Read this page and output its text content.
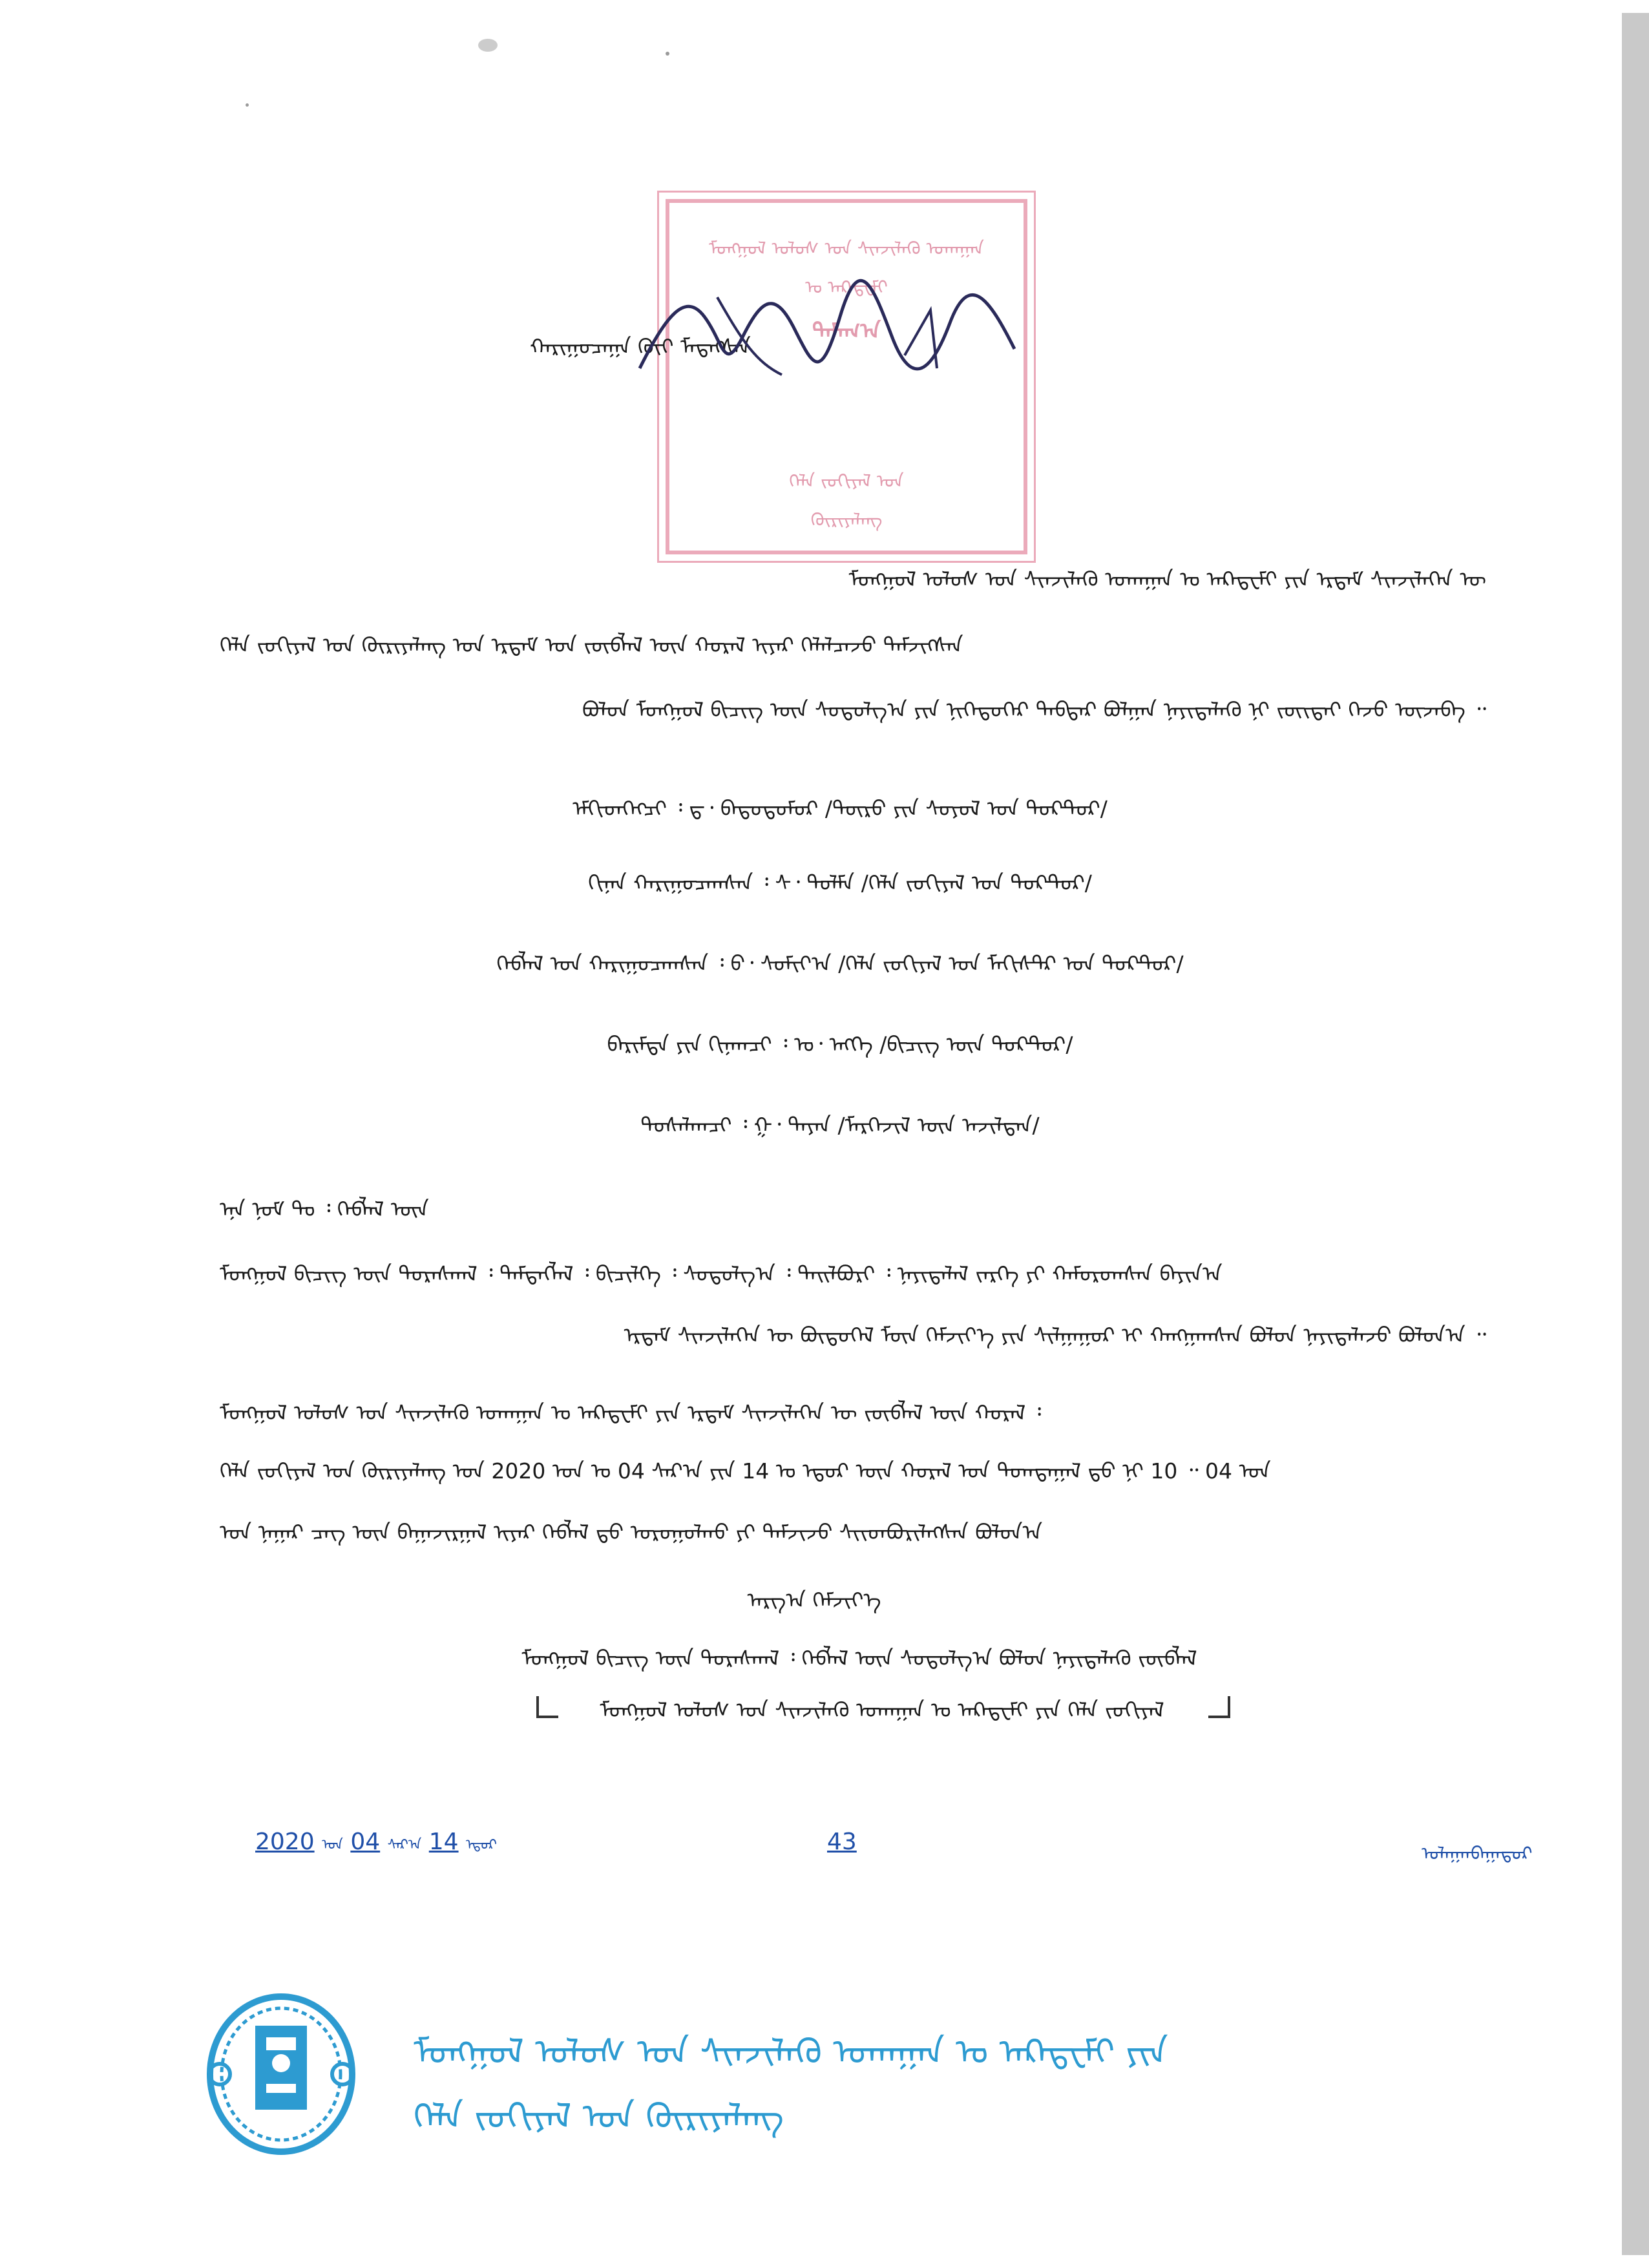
ᠮᠣᠩᠭᠣᠯ ᠤᠯᠤᠰ ᠤᠨ ᠰᠢᠨᠵᠢᠯᠡᠬᠦ ᠤᠬᠠᠭᠠᠨ
ᠤ ᠠᠺᠠᠳ᠋ᠧᠮᠢ
ᠲᠠᠮᠠᠭ᠎ᠠ
ᠬᠡᠯᠡ ᠵᠣᠬᠢᠶᠠᠯ ᠤᠨ
ᠬᠦᠷᠢᠶᠡᠯᠡᠩ
ᠬᠠᠷᠢᠭᠤᠴᠠᠭᠠ ᠬᠦᠢ ᠮᠡᠳᠡᠭᠰᠡᠨ
ᠮᠣᠩᠭᠣᠯ ᠤᠯᠤᠰ ᠤᠨ ᠰᠢᠨᠵᠢᠯᠡᠬᠦ ᠤᠬᠠᠭᠠᠨ ᠤ ᠠᠺᠠᠳ᠋ᠧᠮᠢ ᠶᠢᠨ ᠡᠷᠳᠡᠮ ᠰᠢᠨᠵᠢᠯᠡᠭᠡᠨ ᠦ
ᠬᠡᠯᠡ ᠵᠣᠬᠢᠶᠠᠯ ᠤᠨ ᠬᠦᠷᠢᠶᠡᠯᠡᠩ ᠤᠨ ᠡᠷᠳᠡᠮ ᠤᠨ ᠵᠥᠪᠯᠡᠯ ᠦᠨ ᠬᠤᠷᠠᠯ ᠢᠶᠠᠷ ᠬᠡᠯᠡᠯᠴᠡᠵᠦ ᠳᠡᠮᠵᠢᠭᠰᠡᠨ
ᠪᠣᠯᠤᠨ ᠮᠣᠩᠭᠣᠯ ᠪᠢᠴᠢᠭ ᠦᠨ ᠰᠤᠳᠤᠯᠭ᠎ᠠ ᠶᠢᠨ ᠨᠢᠭᠡᠳᠦᠭᠡᠷ ᠳᠡᠪᠲᠡᠷ ᠪᠣᠯᠭᠠᠨ ᠨᠡᠶᠢᠲᠡᠯᠡᠬᠦ ᠨᠢ ᠵᠦᠢᠲᠡᠢ ᠭᠡᠵᠦ ᠦᠵᠡᠪᠡ ᠃
ᠡᠮᠬᠢᠳᠬᠡᠭᠴᠢ ᠄ ᠳ᠂ ᠪᠠᠲᠤᠲᠥᠮᠦᠷ /ᠲᠥᠷᠦ ᠶᠢᠨ ᠰᠣᠶᠣᠯ ᠤᠨ ᠳᠣᠺᠲ᠋ᠣᠷ/
ᠬᠢᠨᠠᠨ ᠬᠠᠷᠢᠭᠤᠴᠠᠭᠰᠠᠨ ᠄ ᠰ᠂ ᠳᠤᠯᠮᠠ /ᠬᠡᠯᠡ ᠵᠣᠬᠢᠶᠠᠯ ᠤᠨ ᠳᠣᠺᠲ᠋ᠣᠷ/
ᠬᠡᠪᠯᠡᠯ ᠤᠨ ᠬᠠᠷᠢᠭᠤᠴᠠᠭᠰᠠᠨ ᠄ ᠪ᠂ ᠰᠤᠮᠢᠶ᠎ᠠ /ᠬᠡᠯᠡ ᠵᠣᠬᠢᠶᠠᠯ ᠤᠨ ᠮᠠᠭᠢᠰᠲ᠋ᠷ ᠤᠨ ᠳᠣᠺᠲ᠋ᠣᠷ/
ᠪᠠᠷᠢᠮᠲᠠ ᠶᠢᠨ ᠬᠢᠨᠠᠭᠴᠢ ᠄ ᠣ᠂ ᠡᠩᠬᠡ /ᠪᠢᠴᠢᠭ ᠦᠨ ᠳᠣᠺᠲ᠋ᠣᠷ/
ᠲᠤᠰᠠᠯᠠᠭᠴᠢ ᠄ ᠭ᠂ ᠲᠠᠶᠠᠨ /ᠮᠡᠷᠭᠡᠵᠢᠯ ᠦᠨ ᠠᠵᠢᠯᠲᠠᠨ/
ᠡᠨᠡ ᠨᠣᠮ ᠲᠤ ᠄ ᠬᠡᠪᠯᠡᠯ ᠦᠨ
ᠮᠣᠩᠭᠣᠯ ᠪᠢᠴᠢᠭ ᠦᠨ ᠳᠤᠷᠠᠰᠬᠠᠯ ᠄ ᠲᠡᠮᠳᠡᠭᠯᠡᠯ ᠄ ᠪᠢᠴᠢᠯᠭᠡ ᠄ ᠰᠤᠳᠤᠯᠭ᠎ᠠ ᠄ ᠲᠠᠢᠯᠪᠤᠷᠢ ᠄ ᠨᠡᠶᠢᠲᠡᠯᠡᠯ ᠵᠡᠷᠭᠡ ᠶᠢ ᠬᠠᠮᠤᠷᠤᠭᠰᠠᠨ ᠪᠠᠶᠢᠨ᠎ᠠ
ᠡᠷᠳᠡᠮ ᠰᠢᠨᠵᠢᠯᠡᠭᠡᠨ ᠦ ᠪᠦᠲᠦᠭᠡᠯ ᠮᠥᠨ ᠬᠡᠮᠵᠢᠶ᠎ᠡ ᠶᠢᠨ ᠰᠢᠯᠭᠠᠭᠤᠷ ᠢ ᠬᠠᠩᠭᠠᠭᠰᠠᠨ ᠪᠣᠯᠤᠨ ᠨᠡᠶᠢᠲᠡᠯᠡᠵᠦ ᠪᠣᠯᠤᠨ᠎ᠠ ᠃
ᠮᠣᠩᠭᠣᠯ ᠤᠯᠤᠰ ᠤᠨ ᠰᠢᠨᠵᠢᠯᠡᠬᠦ ᠤᠬᠠᠭᠠᠨ ᠤ ᠠᠺᠠᠳ᠋ᠧᠮᠢ ᠶᠢᠨ ᠡᠷᠳᠡᠮ ᠰᠢᠨᠵᠢᠯᠡᠭᠡᠨ ᠦ ᠵᠥᠪᠯᠡᠯ ᠦᠨ ᠬᠤᠷᠠᠯ ᠄
ᠬᠡᠯᠡ ᠵᠣᠬᠢᠶᠠᠯ ᠤᠨ ᠬᠦᠷᠢᠶᠡᠯᠡᠩ ᠤᠨ 2020 ᠣᠨ ᠤ 04 ᠰᠠᠷ᠎ᠠ ᠶᠢᠨ 14 ᠤ ᠡᠳᠦᠷ ᠦᠨ ᠬᠤᠷᠠᠯ ᠤᠨ ᠲᠣᠭᠲᠠᠭᠠᠯ ᠳ᠋ᠤ ᠨᠢ 10 ᠃ 04 ᠣᠨ
ᠤᠨ ᠨᠠᠭᠠᠷ ᠴᠡᠭ ᠦᠨ ᠪᠠᠭᠠᠵᠢᠷᠭᠠᠯ ᠢᠶᠠᠷ ᠬᠡᠪᠯᠡᠯ ᠳ᠋ᠦ ᠣᠷᠣᠭᠤᠯᠬᠤ ᠶᠢ ᠳᠡᠮᠵᠢᠵᠦ ᠰᠢᠢᠳᠪᠦᠷᠢᠯᠡᠭᠰᠡᠨ ᠪᠣᠯᠤᠨ᠎ᠠ
ᠠᠷᠭ᠎ᠠ ᠬᠡᠮᠵᠢᠶ᠎ᠡ
ᠮᠣᠩᠭᠣᠯ ᠪᠢᠴᠢᠭ ᠦᠨ ᠳᠤᠷᠠᠰᠬᠠᠯ ᠄ ᠬᠡᠪᠯᠡᠯ ᠦᠨ ᠰᠤᠳᠤᠯᠭ᠎ᠠ ᠪᠣᠯᠤᠨ ᠨᠡᠶᠢᠲᠡᠯᠡᠬᠦ ᠵᠥᠪᠯᠡᠯ
ᠮᠣᠩᠭᠣᠯ ᠤᠯᠤᠰ ᠤᠨ ᠰᠢᠨᠵᠢᠯᠡᠬᠦ ᠤᠬᠠᠭᠠᠨ ᠤ ᠠᠺᠠᠳ᠋ᠧᠮᠢ ᠶᠢᠨ ᠬᠡᠯᠡ ᠵᠣᠬᠢᠶᠠᠯ
2020 ᠣᠨ 04 ᠰᠠᠷ᠎ᠠ 14 ᠡᠳᠦᠷ	43	ᠤᠯᠠᠭᠠᠨᠪᠠᠭᠠᠲᠤᠷ
ᠮᠣᠩᠭᠣᠯ ᠤᠯᠤᠰ ᠤᠨ ᠰᠢᠨᠵᠢᠯᠡᠬᠦ ᠤᠬᠠᠭᠠᠨ ᠤ ᠠᠺᠠᠳ᠋ᠧᠮᠢ ᠶᠢᠨ
ᠬᠡᠯᠡ ᠵᠣᠬᠢᠶᠠᠯ ᠤᠨ ᠬᠦᠷᠢᠶᠡᠯᠡᠩ
